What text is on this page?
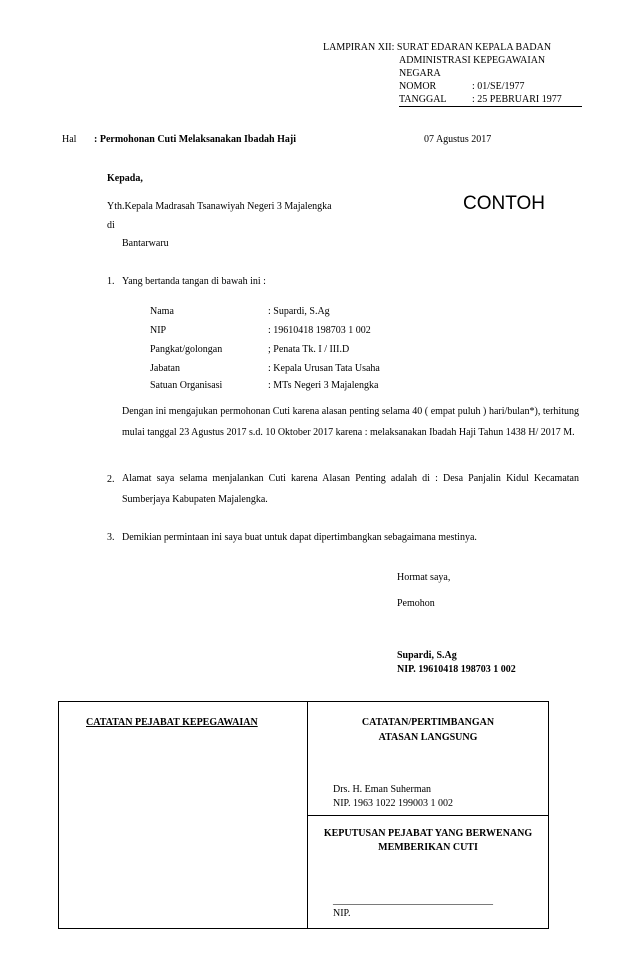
LAMPIRAN XII: SURAT EDARAN KEPALA BADAN
ADMINISTRASI KEPEGAWAIAN
NEGARA
NOMOR	: 01/SE/1977
TANGGAL	: 25 PEBRUARI 1977
Hal : Permohonan Cuti Melaksanakan Ibadah Haji	07 Agustus 2017
Kepada,
Yth.Kepala Madrasah Tsanawiyah Negeri 3 Majalengka
di
Bantarwaru
CONTOH
1. Yang bertanda tangan di bawah ini :
Nama	: Supardi, S.Ag
NIP	: 19610418 198703 1 002
Pangkat/golongan	; Penata Tk. I / III.D
Jabatan	: Kepala Urusan Tata Usaha
Satuan Organisasi	: MTs Negeri 3 Majalengka
Dengan ini mengajukan permohonan Cuti karena alasan penting selama 40 ( empat puluh ) hari/bulan*), terhitung mulai tanggal 23 Agustus 2017 s.d. 10 Oktober 2017 karena : melaksanakan Ibadah Haji Tahun 1438 H/ 2017 M.
2. Alamat saya selama menjalankan Cuti karena Alasan Penting adalah di : Desa Panjalin Kidul Kecamatan Sumberjaya Kabupaten Majalengka.
3. Demikian permintaan ini saya buat untuk dapat dipertimbangkan sebagaimana mestinya.
Hormat saya,
Pemohon
Supardi, S.Ag
NIP. 19610418 198703 1 002
CATATAN PEJABAT KEPEGAWAIAN	CATATAN/PERTIMBANGAN
ATASAN LANGSUNG
Drs. H. Eman Suherman
NIP. 1963 1022 199003 1 002
KEPUTUSAN PEJABAT YANG BERWENANG
MEMBERIKAN CUTI
________________________________
NIP.
